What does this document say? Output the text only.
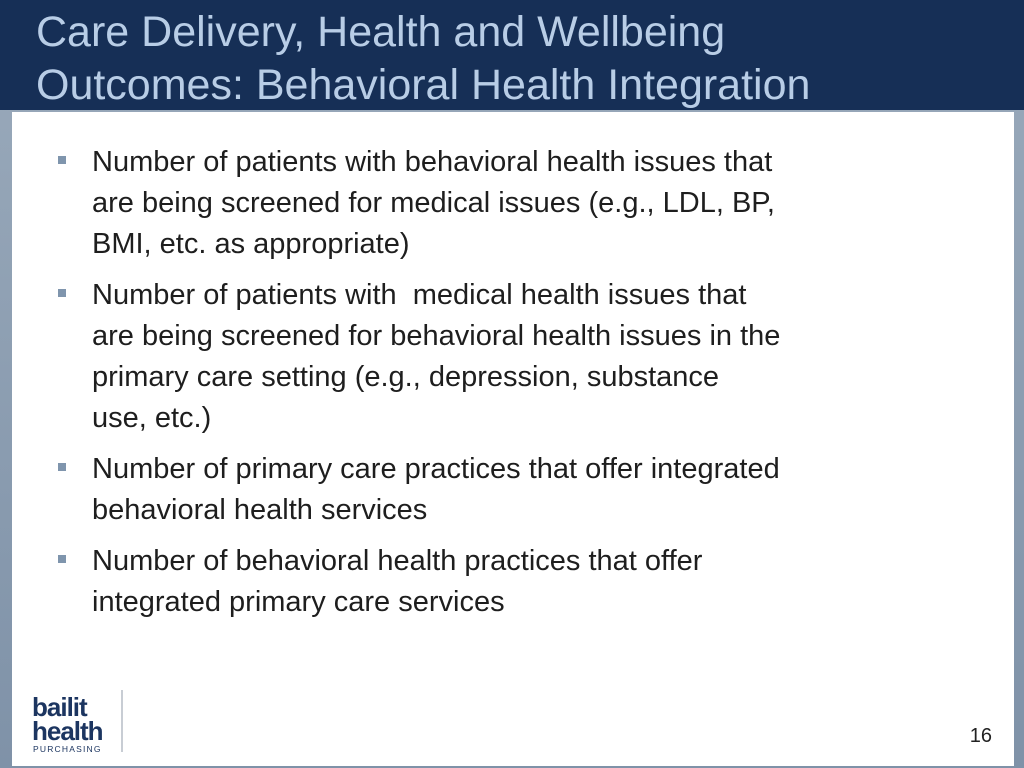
Care Delivery, Health and Wellbeing
Outcomes: Behavioral Health Integration
Number of patients with behavioral health issues that
are being screened for medical issues (e.g., LDL, BP,
BMI, etc. as appropriate)
Number of patients with  medical health issues that
are being screened for behavioral health issues in the
primary care setting (e.g., depression, substance
use, etc.)
Number of primary care practices that offer integrated
behavioral health services
Number of behavioral health practices that offer
integrated primary care services
bailit
health
PURCHASING
16
